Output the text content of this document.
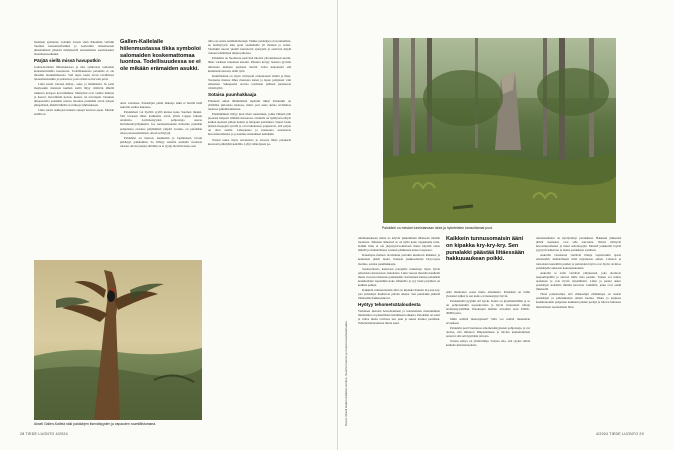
malaisen syntiansa. Joitakin vuosia siten Pakokirki valittiin Suomen kansonsusfaaliksi ja Aoriesmin taiteenteosen jättestämässä yhteistä mielykseslä suomalaisten suosittaaakoi matemaatasaukuksi.

Pärjää siellä missä havuputkin

Gallen-Kallelan hillennustassa ja tika symbolois lamoiden koskemattomilla luonteessa. Todellisuudessa palokirki et ole missään luonnaillaisessa. Sitä tapaa usein aivan tavallisissa talousmetsissäkin ja puistoissa, jossa missä se harvoin pesii.

Lintu suosii valoisia mänty-, seka- ja lehtimetsiä. Se pesii mayissakin metsissä kunhan siellä liityy riittävän lähellä runkoisa kolopes koverituhuna. Mielyätsä ovat vanhat männyt ja haavat, harvemmin koivut, kuuset, tai tervalepät. Tasainen ulkopuolella palokirki saattaa intoutua pesimään aivan talojen pihapiirissä, mikäli lähellä on runkoja tyhmaukseen.

Lintu suosii aukkojen muusta syksyn koriven ajaan. Metsän sisällä on

Gallen-Kallelalle hiilenmustassa tikka symboloi salomaiden koskemattomaa luontoa. Todellisuudessa se ei ole mikään erämaiden asukki.

omat vaatiansa. Palokärjen pahin uhkaaja näkä et herillä kiilä aukoille saalisa hakaisee.

Palokärkeä voi hyvillä syyllä kutsua koko Suomen tikaksi. Sitä tavataan lähes kaikkialla aivan ylintä Lappia lukuun ottamatta. Levinneisyyden pohjoisraja seuraa havumetsävyöhykkeitä. Jos suomalaisuuden mittarina pidetään pohjoisissa olosissa pärjäämistä ympäri vuoden, on palokärki oikea perusuomalainen, aitosä selviytyjä.

Palokärki on metson, kuukkelin ja lapintiaisen tavoin pitkäsyyt paikkalintu. Se viihtyy samalla seudulla vuodesta toiseen. Aivan pienen siirtäitin se ei tyydy. Reviirin koko saat

tulla osa suista neliökilometrejä. Vaikka palokärjet ovat paikallisia, ne heittäytyvät aika ajoin vaelluksille yli maitten ja veden. Varsinkin nuoret yksilöt kierrelevät syksyisin ja saattavat käydä vakaan lentämässä tuhjen pihoissa.

Palokärki on Suomessa pesivistä tikoista ylivoimaisesti suurin, lähes variksen kokoinen kesanti. Pituutta kertyy nokasta pyrstön mittatuna melkein puolisen metriä. Joltat kunvuudet siiä kunnianaivoistaan, eläkt tyttä.

Kumillaaltun on myös värityseni erinomaiselt sinittä ja tikas. Tasaisena mustaa lähes mustassa kuten ja lapen pohjoisen vain erikoinen. Sukupuolet erottaa toisistaan päälaen punaisesta värisävyiltä.

Sotaisa puunhakkaaja

Ellerkoki umun lähimmäisiä lajeittiin tikka! Palokirkit on ylätäräisi piilosissa tiedossa, mutta pari asiaa auttaa tevitäuttaa tiedossa palkalistamisessa.

Ensimmäinen liittyy inon tikan ruokailuun, jonka lähtenä jäät puolesta helposti silmään maastossa. Lintuilla on nyhdyssä erätylö kaiken tapaisen pitkon kannot ja lahopuut palastikset. Suuret lastut jäärien haapojen tyvellä ja ovat lahoksassa paljastavat, että paljon on ollut asialla. Lahopuussa ja kannoissa asustelevat hevosmuurahaiset ja jo kuuluu esimerkiksi nekökään.

Toinen tukee myös tervakoista ja toisesta lähes palakerin kuortesin pitkäyhtä kohdilta. Lyhyt ääntelysten pa-

Akseli Gallen-Kallela näki palokärjen itsenäisyyden ja vapauden ruumiillistumana.
28 TIEDE LUONTO 4/2024
Palokärki on mestari tunnistamaan lahot ja hyönteisten kansoittamat puut.
Kuvat: Akseli Gallen-Kallelan kuvitus, Suomen luonto ja muuta kuvamateriaalia

tummuutukseen mutta ne käyvät pikkulinnun läheiseen tiloihin tuomasta. Jäänteen ääneessä se on kyllä koko tapaukselle tuttu. Kaikki lintu ei ole järjestysarvomistaan mutta käyttää omaa äänellä ja mahdollisuus vastuun pitääkseen kokoa tarpeessa.

Kauempaa hennon aivolinnun pariakin kuuluvan kiikkiset ja keskeisen pitkät tiedot. Kukaan joukkoontulee Dryocopus martius, sotaisa puunhakkaaja.

Sotaisovkuvia katsotaan pateajalle tunnettuja myös hyvin erikoisista kui-kui-kui -huudoista. Lintu vuoren mustalla kauhulla mutta vuorosta ilmoittaa pidempään. Karmeinen kutsuu palokärki keskikohdan tapaistikin koko itäluteilla ja syy tässä pöydässä on kaikkia peiken.

Kaikkein tunnusomaisin ääni on kipakka huutelu kry-kry-kry, jota palokärjet huuhtovat päivän aikana. Sen punalakki päästää liitäessään hakkuuaukoon.

Hyötyy tehometsätaloudesta

Varhaisen metsien harventamisen ja tulosmetsien muuttuminen mieluisiksi on paikallisten tietämiseen aikansa. Palokärki on suuri ja vahva mutta tarvitsee isot puut ja suuret karikot pesäänsä. Tehometsätaloudessa mutta suuri.

Kaikkein tunnusomaisin ääni on kipakka kry-kry-kry. Sen punalakki päästää liitäessään hakkuuaukean poikki.

enää muuttanut osana muita elinalueita. Palokärki on tullut yleiseksi lajiksi ja sen kanta on menestynyt hyvin.

Palokärkellä pyyhkii siti hyvin. Kanta on kyselmäisillään ja se on pohjoiseinkin sopeutuvaista ja hyvin vuotuisesti tultuja levinneisyydellään. Palokärjen määrän arvioitiin noin 25000–30000 paria.

Mikä selittää menestyksen? Siitä voi esittää muutaman arvauksen.

Palokärki pesii Suomessa tehometsäisyyksien pohjoisiaja, ja voi olettaa, että ilmaston lämpenemisen ja talvien leudontumisen auttavat sitä selviytymään talvesta.

Toinen selitys on ylittäväimpi. Saattaa olla, että syyksi riittää kaikelta metsätaloudesta.

tehometsäluksi on hyödyttänyt palokärkeä. Hakkuun jälkeensä jäävät kannokot ovat sille aarreaitta. Niissä viihtyvät hevosmuurahaiset ja muut sellolusyöjät. Metsitä joukkoilla löytää pyytyvät kaikuvan ja tuntee palokärjen saaliisen.

Aukoilla viereisissä viettävät lintuja tapasivatkin ajasta eriterkeiltä, mahdollisesti mitä tarjonnasta eniten. Lahoton ja toistaisien kansalliin puiden ja puitteiden löytöt ovat hyvin ravintoa palokärjelle aukeasta kokonaisuudesta.

Aukoilla ei eräät viettävät ylityksensä, joka ulottuvat naapurilajeihin ja antavat niille tilaa pesälle. Toinen voi tuntea ajatuksen ja ovat hyvin tietolähteitä. Lahot ja pienet aukot palokärjen kohdalla tiiminä kasvavat vauhdilla, jotka ovat esillä ilmeisellä.

Tässä pohjoisempi, eitä vilkkaampi elämäntapa on suurin palokärjen ja pitkäaikaisen aihein luonne. Tikka ja ketjussa keskikokoinen pohjoisen kaikkien puiden peräpä ja tulevat kuluessa muistamaan suomalaisen lintu.

4/2024 TIEDE LUONTO 29
